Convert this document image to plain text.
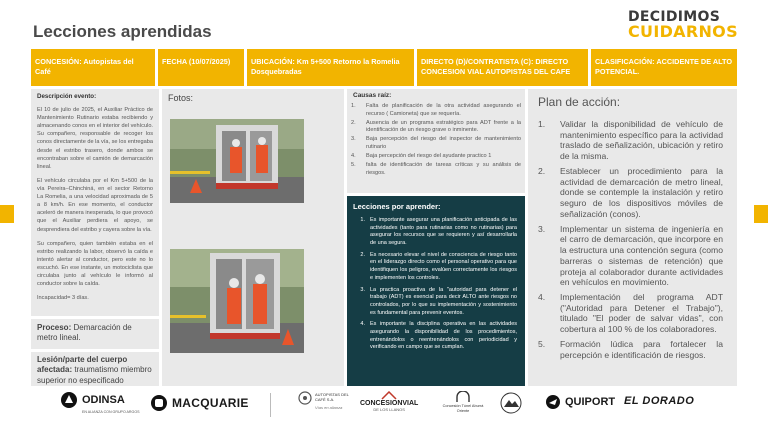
Lecciones aprendidas
DECIDIMOS
CUIDARNOS
CONCESIÓN: Autopistas del Café
FECHA (10/07/2025)	UBICACIÓN: Km 5+500 Retorno la Romelia Dosquebradas
DIRECTO (D)/CONTRATISTA (C): DIRECTO CONCESION VIAL AUTOPISTAS DEL CAFE
CLASIFICACIÓN: ACCIDENTE DE ALTO POTENCIAL.
Descripción evento:
El 10 de julio de 2025, el Auxiliar Práctico de Mantenimiento Rutinario estaba recibiendo y almacenando conos en el interior del vehículo. Su compañero, responsable de recoger los conos directamente de la vía, se los entregaba desde el estribo trasero, donde ambos se encontraban sobre el camión de demarcación lineal.
El vehículo circulaba por el Km 5+500 de la vía Pereira–Chinchiná, en el sector Retorno La Romelia, a una velocidad aproximada de 5 a 8 km/h. En ese momento, el conductor aceleró de manera inesperada, lo que provocó que el Auxiliar perdiera el apoyo, se desprendiera del estribo y cayera sobre la vía.
Su compañero, quien también estaba en el estribo realizando la labor, observó la caída e intentó alertar al conductor, pero este no lo escuchó. En ese instante, un motociclista que circulaba junto al vehículo le informó al conductor sobre la caída.
Incapacidad= 3 días.
Proceso: Demarcación de metro lineal.
Lesión/parte del cuerpo afectada: traumatismo miembro superior no especificado
Fotos:	Causas raíz:
1.	Falta de planificación de la otra actividad asegurando el recurso ( Camioneta) que se requería.
2.	Ausencia de un programa estratégico para ADT frente a la identificación de un riesgo grave o inminente.
3.	Baja percepción del riesgo del inspector de mantenimiento rutinario
4.	Baja percepción del riesgo del ayudante practico 1
5.	falta de identificación de tareas críticas y su análisis de riesgos.
Lecciones por aprender:
1. Es importante asegurar una planificación anticipada de las actividades (tanto para rutinarias como no rutinarias) para asegurar los recursos que se requieren y así desarrollarla de una segura.
2. Es necesario elevar el nivel de consciencia de riesgo tanto en el liderazgo directo como el personal operativo para que identifiquen los peligros, evalúen correctamente los riesgos e implementen los controles.
3. La practica proactiva de la "autoridad para detener el trabajo (ADT) es esencial para decir ALTO ante riesgos no controlados, por lo que su implementación y sostenimiento es fundamental para prevenir eventos.
4. Es importante la disciplina operativa en las actividades asegurando la disponibilidad de los procedimientos, entrenándolos o reentrenándolos con periodicidad y verificando en campo que se cumplan.
Plan de acción:
1.	Validar la disponibilidad de vehículo de mantenimiento específico para la actividad traslado de señalización, ubicación y retiro de la misma.
2.	Establecer un procedimiento para la actividad de demarcación de metro lineal, donde se contemple la instalación y retiro seguro de los dispositivos móviles de señalización (conos).
3.	Implementar un sistema de ingeniería en el carro de demarcación, que incorpore en la estructura una contención segura (como barreras o sistemas de retención) que proteja al colaborador durante actividades en vehículos en movimiento.
4.	Implementación del programa ADT ("Autoridad para Detener el Trabajo"), titulado "El poder de salvar vidas", con cobertura al 100 % de los colaboradores.
5.	Formación lúdica para fortalecer la percepción e identificación de riesgos.
ODINSA
EN ALIANZA CON GRUPO ARGOS
MACQUARIE
AUTOPISTAS DEL CAFÉ S.A.
Vías en alianza
CONCESIONVIAL
DE LOS LLANOS
Concesión Túnel Aburrá Oriente
QUIPORT EL DORADO
